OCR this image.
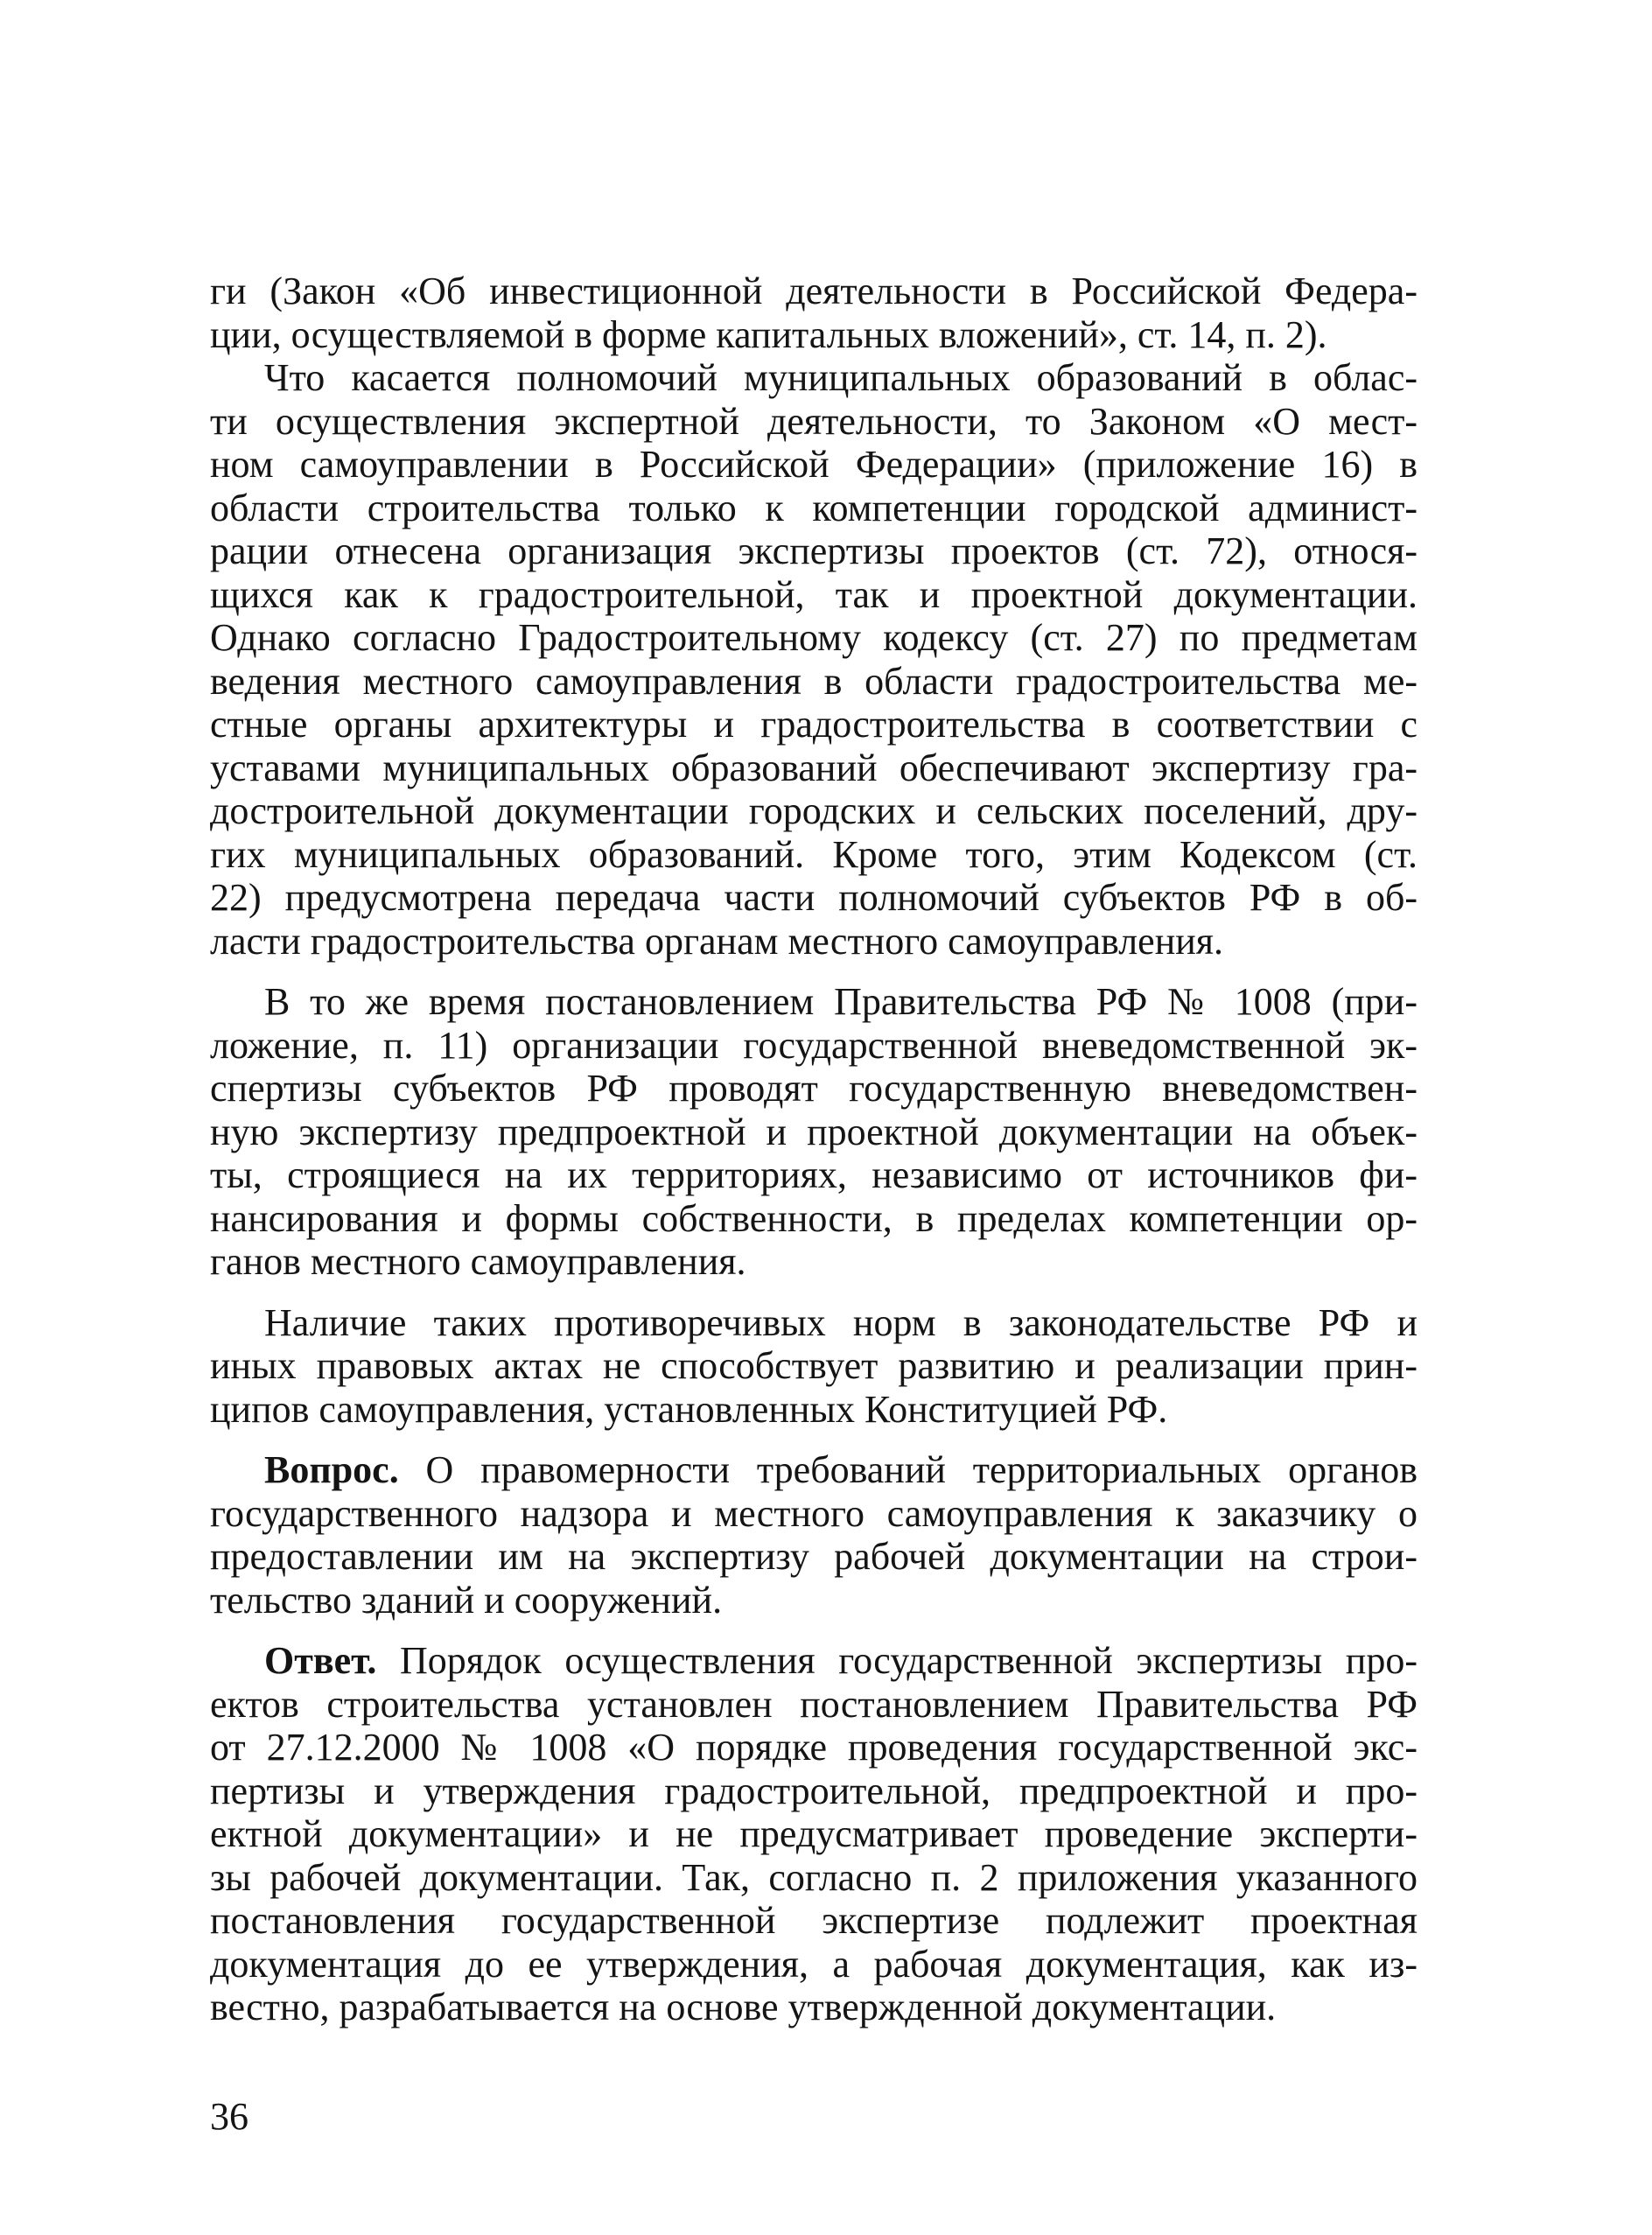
ги (Закон «Об инвестиционной деятельности в Российской Федера-
ции, осуществляемой в форме капитальных вложений», ст. 14, п. 2).
Что касается полномочий муниципальных образований в облас-
ти осуществления экспертной деятельности, то Законом «О мест-
ном самоуправлении в Российской Федерации» (приложение 16) в
области строительства только к компетенции городской админист-
рации отнесена организация экспертизы проектов (ст. 72), относя-
щихся как к градостроительной, так и проектной документации.
Однако согласно Градостроительному кодексу (ст. 27) по предметам
ведения местного самоуправления в области градостроительства ме-
стные органы архитектуры и градостроительства в соответствии с
уставами муниципальных образований обеспечивают экспертизу гра-
достроительной документации городских и сельских поселений, дру-
гих муниципальных образований. Кроме того, этим Кодексом (ст.
22) предусмотрена передача части полномочий субъектов РФ в об-
ласти градостроительства органам местного самоуправления.
В то же время постановлением Правительства РФ № 1008 (при-
ложение, п. 11) организации государственной вневедомственной эк-
спертизы субъектов РФ проводят государственную вневедомствен-
ную экспертизу предпроектной и проектной документации на объек-
ты, строящиеся на их территориях, независимо от источников фи-
нансирования и формы собственности, в пределах компетенции ор-
ганов местного самоуправления.
Наличие таких противоречивых норм в законодательстве РФ и
иных правовых актах не способствует развитию и реализации прин-
ципов самоуправления, установленных Конституцией РФ.
Вопрос. О правомерности требований территориальных органов
государственного надзора и местного самоуправления к заказчику о
предоставлении им на экспертизу рабочей документации на строи-
тельство зданий и сооружений.
Ответ. Порядок осуществления государственной экспертизы про-
ектов строительства установлен постановлением Правительства РФ
от 27.12.2000 № 1008 «О порядке проведения государственной экс-
пертизы и утверждения градостроительной, предпроектной и про-
ектной документации» и не предусматривает проведение эксперти-
зы рабочей документации. Так, согласно п. 2 приложения указанного
постановления государственной экспертизе подлежит проектная
документация до ее утверждения, а рабочая документация, как из-
вестно, разрабатывается на основе утвержденной документации.
36
